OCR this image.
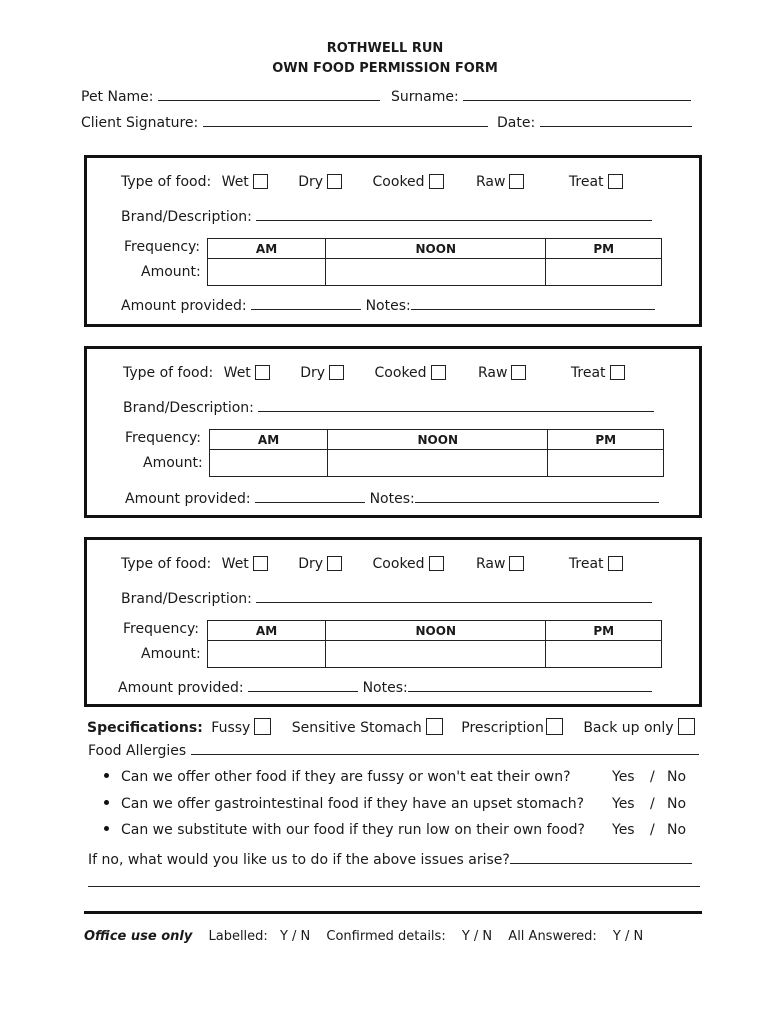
ROTHWELL RUN
OWN FOOD PERMISSION FORM
Pet Name:	Surname:
Client Signature:	Date:
Type of food: Wet	Dry	Cooked	Raw	Treat
Brand/Description:
Frequency:
Amount:
AM	NOON	PM

Amount provided:	Notes:
Type of food: Wet	Dry	Cooked	Raw	Treat
Brand/Description:
Frequency:
Amount:
AM	NOON	PM

Amount provided:	Notes:
Type of food: Wet	Dry	Cooked	Raw	Treat
Brand/Description:
Frequency:
Amount:
AM	NOON	PM

Amount provided:	Notes:
Specifications: Fussy	Sensitive Stomach	Prescription	Back up only
Food Allergies
Can we offer other food if they are fussy or won't eat their own?	Yes / No
Can we offer gastrointestinal food if they have an upset stomach? Yes / No
Can we substitute with our food if they run low on their own food? Yes / No
If no, what would you like us to do if the above issues arise?
Office use only Labelled: Y / N Confirmed details: Y / N All Answered: Y / N
